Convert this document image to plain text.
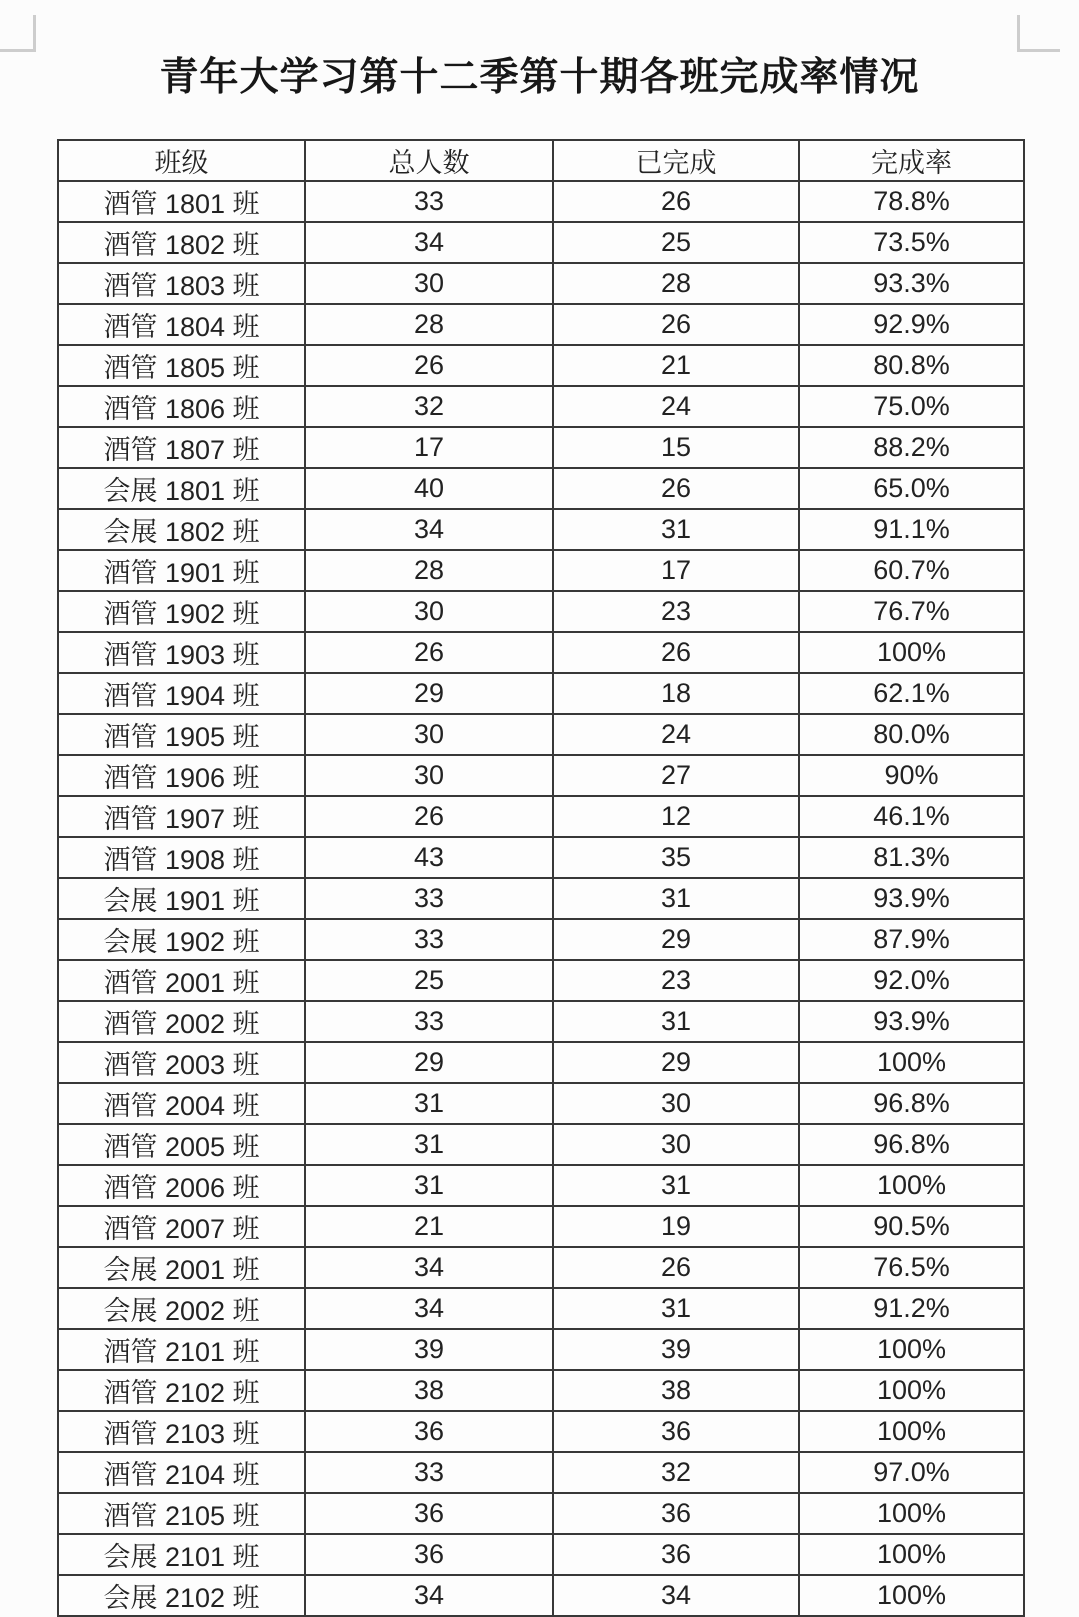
青年大学习第十二季第十期各班完成率情况
班级	总人数	已完成	完成率
酒管 1801 班	33	26	78.8%
酒管 1802 班	34	25	73.5%
酒管 1803 班	30	28	93.3%
酒管 1804 班	28	26	92.9%
酒管 1805 班	26	21	80.8%
酒管 1806 班	32	24	75.0%
酒管 1807 班	17	15	88.2%
会展 1801 班	40	26	65.0%
会展 1802 班	34	31	91.1%
酒管 1901 班	28	17	60.7%
酒管 1902 班	30	23	76.7%
酒管 1903 班	26	26	100%
酒管 1904 班	29	18	62.1%
酒管 1905 班	30	24	80.0%
酒管 1906 班	30	27	90%
酒管 1907 班	26	12	46.1%
酒管 1908 班	43	35	81.3%
会展 1901 班	33	31	93.9%
会展 1902 班	33	29	87.9%
酒管 2001 班	25	23	92.0%
酒管 2002 班	33	31	93.9%
酒管 2003 班	29	29	100%
酒管 2004 班	31	30	96.8%
酒管 2005 班	31	30	96.8%
酒管 2006 班	31	31	100%
酒管 2007 班	21	19	90.5%
会展 2001 班	34	26	76.5%
会展 2002 班	34	31	91.2%
酒管 2101 班	39	39	100%
酒管 2102 班	38	38	100%
酒管 2103 班	36	36	100%
酒管 2104 班	33	32	97.0%
酒管 2105 班	36	36	100%
会展 2101 班	36	36	100%
会展 2102 班	34	34	100%
